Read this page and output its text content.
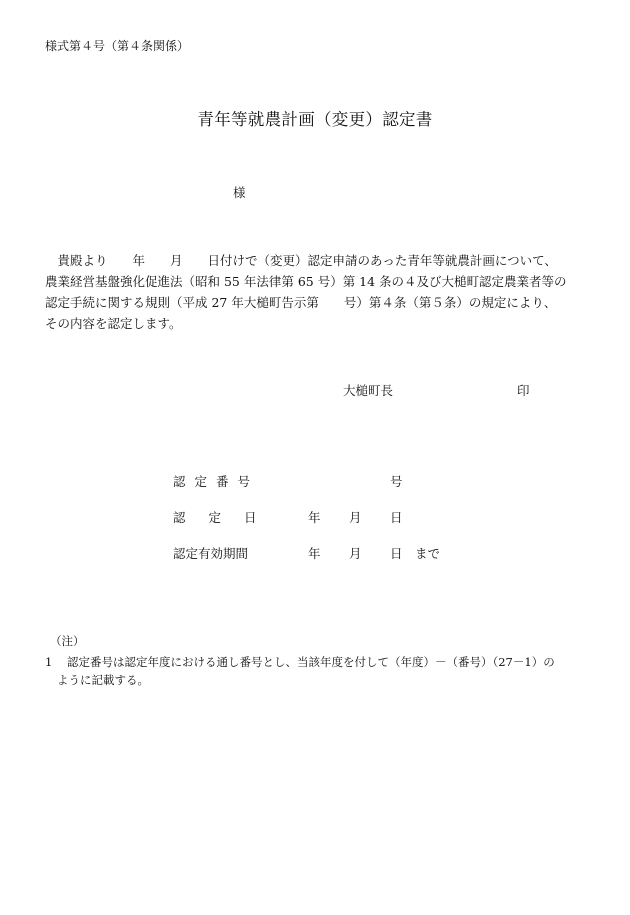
様式第４号（第４条関係）
青年等就農計画（変更）認定書
様
　貴殿より　　年　　月　　日付けで（変更）認定申請のあった青年等就農計画について、
農業経営基盤強化促進法（昭和 55 年法律第 65 号）第 14 条の４及び大槌町認定農業者等の
認定手続に関する規則（平成 27 年大槌町告示第　　号）第４条（第５条）の規定により、
その内容を認定します。
大槌町長	印
認定番号	号
認定日 年 月 日
認定有効期間	年 月 日 まで
（注）
1 認定番号は認定年度における通し番号とし、当該年度を付して（年度）－（番号）（27－1）の
ように記載する。
